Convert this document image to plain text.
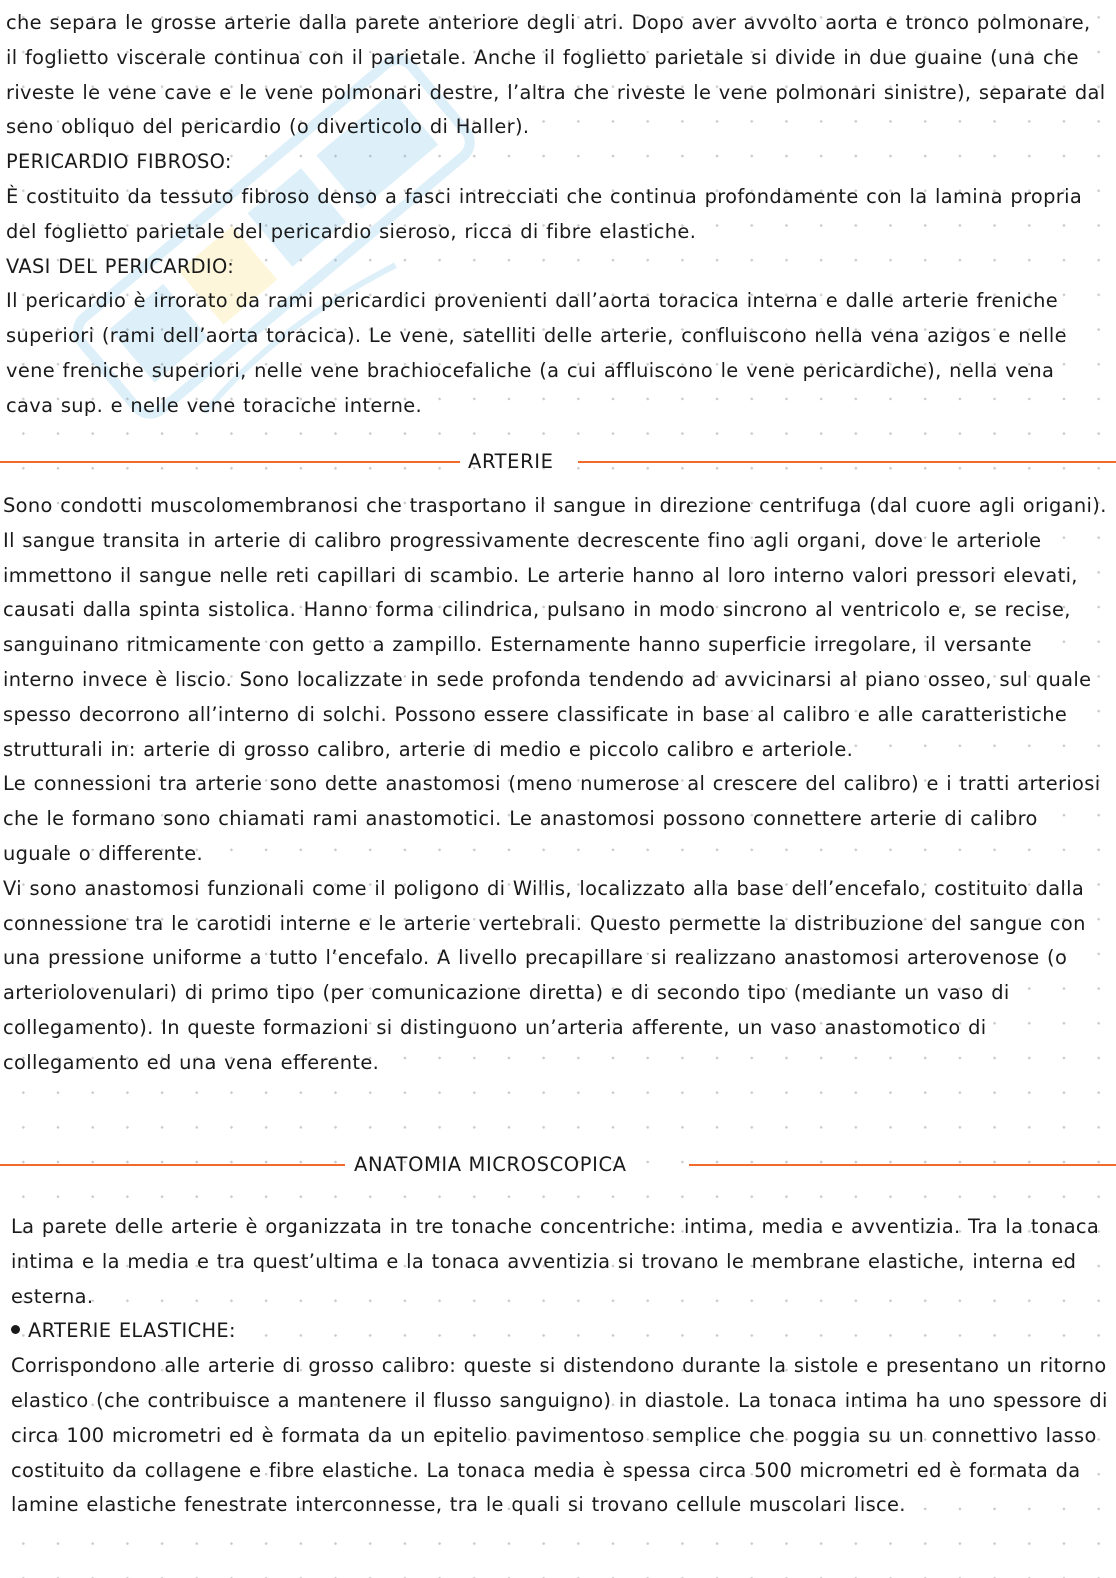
che separa le grosse arterie dalla parete anteriore degli atri. Dopo aver avvolto aorta e tronco polmonare, il foglietto viscerale continua con il parietale. Anche il foglietto parietale si divide in due guaine (una che riveste le vene cave e le vene polmonari destre, l’altra che riveste le vene polmonari sinistre), separate dal seno obliquo del pericardio (o diverticolo di Haller).

PERICARDIO FIBROSO:

È costituito da tessuto fibroso denso a fasci intrecciati che continua profondamente con la lamina propria del foglietto parietale del pericardio sieroso, ricca di fibre elastiche.

VASI DEL PERICARDIO:

Il pericardio è irrorato da rami pericardici provenienti dall’aorta toracica interna e dalle arterie freniche superiori (rami dell’aorta toracica). Le vene, satelliti delle arterie, confluiscono nella vena azigos e nelle vene freniche superiori, nelle vene brachiocefaliche (a cui affluiscono le vene pericardiche), nella vena cava sup. e nelle vene toraciche interne.

ARTERIE

Sono condotti muscolomembranosi che trasportano il sangue in direzione centrifuga (dal cuore agli origani). Il sangue transita in arterie di calibro progressivamente decrescente fino agli organi, dove le arteriole immettono il sangue nelle reti capillari di scambio. Le arterie hanno al loro interno valori pressori elevati, causati dalla spinta sistolica. Hanno forma cilindrica, pulsano in modo sincrono al ventricolo e, se recise, sanguinano ritmicamente con getto a zampillo. Esternamente hanno superficie irregolare, il versante interno invece è liscio. Sono localizzate in sede profonda tendendo ad avvicinarsi al piano osseo, sul quale spesso decorrono all’interno di solchi. Possono essere classificate in base al calibro e alle caratteristiche strutturali in: arterie di grosso calibro, arterie di medio e piccolo calibro e arteriole.

Le connessioni tra arterie sono dette anastomosi (meno numerose al crescere del calibro) e i tratti arteriosi che le formano sono chiamati rami anastomotici. Le anastomosi possono connettere arterie di calibro uguale o differente.

Vi sono anastomosi funzionali come il poligono di Willis, localizzato alla base dell’encefalo, costituito dalla connessione tra le carotidi interne e le arterie vertebrali. Questo permette la distribuzione del sangue con una pressione uniforme a tutto l’encefalo. A livello precapillare si realizzano anastomosi arterovenose (o arteriolovenulari) di primo tipo (per comunicazione diretta) e di secondo tipo (mediante un vaso di collegamento). In queste formazioni si distinguono un’arteria afferente, un vaso anastomotico di collegamento ed una vena efferente.

ANATOMIA MICROSCOPICA

La parete delle arterie è organizzata in tre tonache concentriche: intima, media e avventizia. Tra la tonaca intima e la media e tra quest’ultima e la tonaca avventizia si trovano le membrane elastiche, interna ed esterna.

ARTERIE ELASTICHE:

Corrispondono alle arterie di grosso calibro: queste si distendono durante la sistole e presentano un ritorno elastico (che contribuisce a mantenere il flusso sanguigno) in diastole. La tonaca intima ha uno spessore di circa 100 micrometri ed è formata da un epitelio pavimentoso semplice che poggia su un connettivo lasso costituito da collagene e fibre elastiche. La tonaca media è spessa circa 500 micrometri ed è formata da lamine elastiche fenestrate interconnesse, tra le quali si trovano cellule muscolari lisce.
